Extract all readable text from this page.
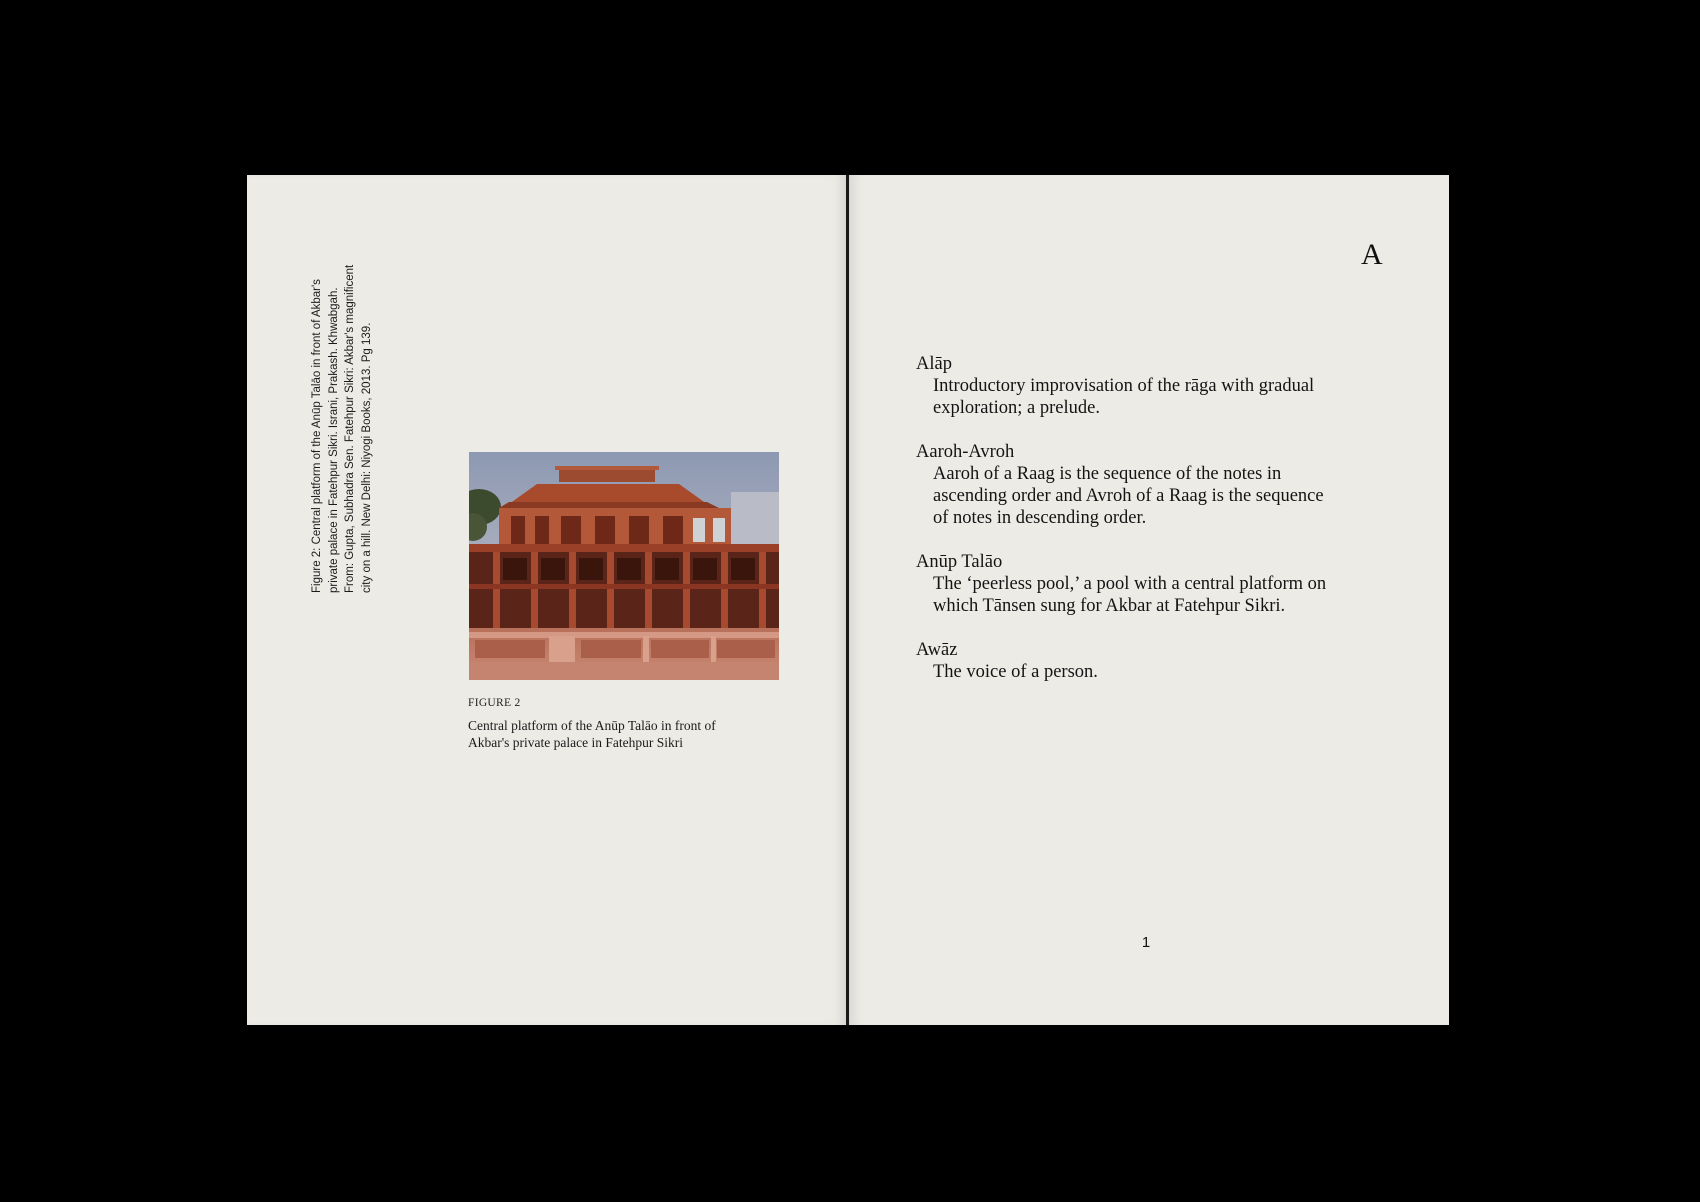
Figure 2: Central platform of the Anūp Talāo in front of Akbar's private palace in Fatehpur Sikri. Israni, Prakash. Khwabgah. From: Gupta, Subhadra Sen. Fatehpur Sikri: Akbar's magnificent city on a hill. New Delhi: Niyogi Books, 2013. Pg 139.
FIGURE 2
Central platform of the Anūp Talāo in front of
Akbar's private palace in Fatehpur Sikri
A
Alāp
Introductory improvisation of the rāga with gradual
exploration; a prelude.
Aaroh-Avroh
Aaroh of a Raag is the sequence of the notes in
ascending order and Avroh of a Raag is the sequence
of notes in descending order.
Anūp Talāo
The ‘peerless pool,’ a pool with a central platform on
which Tānsen sung for Akbar at Fatehpur Sikri.
Awāz
The voice of a person.
1
